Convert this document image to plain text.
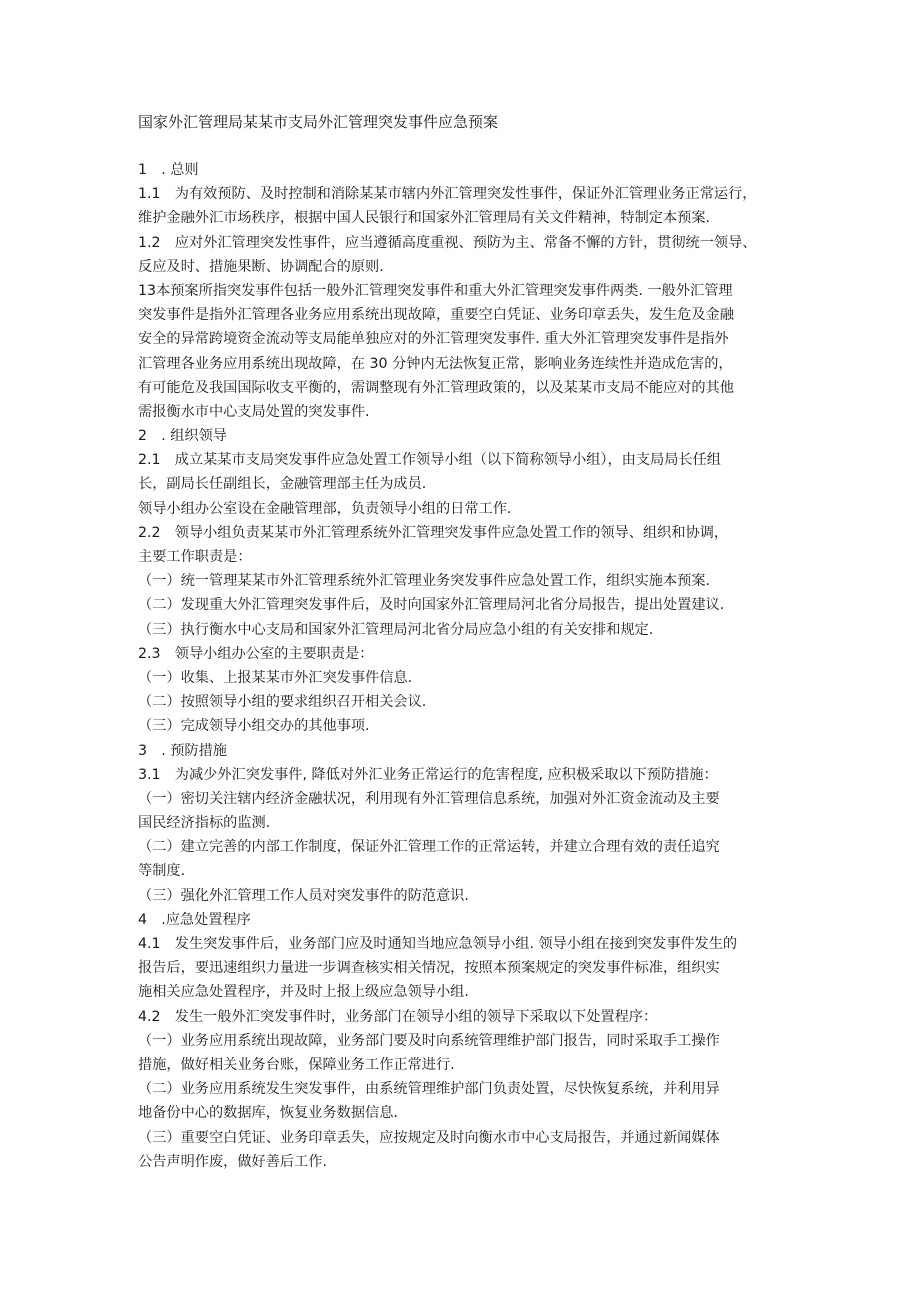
国家外汇管理局某某市支局外汇管理突发事件应急预案
1　. 总则
1.1　为有效预防、及时控制和消除某某市辖内外汇管理突发性事件，保证外汇管理业务正常运行，
维护金融外汇市场秩序，根据中国人民银行和国家外汇管理局有关文件精神，特制定本预案.
1.2　应对外汇管理突发性事件，应当遵循高度重视、预防为主、常备不懈的方针，贯彻统一领导、
反应及时、措施果断、协调配合的原则.
13本预案所指突发事件包括一般外汇管理突发事件和重大外汇管理突发事件两类. 一般外汇管理
突发事件是指外汇管理各业务应用系统出现故障，重要空白凭证、业务印章丢失，发生危及金融
安全的异常跨境资金流动等支局能单独应对的外汇管理突发事件. 重大外汇管理突发事件是指外
汇管理各业务应用系统出现故障，在 30 分钟内无法恢复正常，影响业务连续性并造成危害的，
有可能危及我国国际收支平衡的，需调整现有外汇管理政策的，以及某某市支局不能应对的其他
需报衡水市中心支局处置的突发事件.
2　. 组织领导
2.1　成立某某市支局突发事件应急处置工作领导小组（以下简称领导小组），由支局局长任组
长，副局长任副组长，金融管理部主任为成员.
领导小组办公室设在金融管理部，负责领导小组的日常工作.
2.2　领导小组负责某某市外汇管理系统外汇管理突发事件应急处置工作的领导、组织和协调，
主要工作职责是：
（一）统一管理某某市外汇管理系统外汇管理业务突发事件应急处置工作，组织实施本预案.
（二）发现重大外汇管理突发事件后，及时向国家外汇管理局河北省分局报告，提出处置建议.
（三）执行衡水中心支局和国家外汇管理局河北省分局应急小组的有关安排和规定.
2.3　领导小组办公室的主要职责是：
（一）收集、上报某某市外汇突发事件信息.
（二）按照领导小组的要求组织召开相关会议.
（三）完成领导小组交办的其他事项.
3　. 预防措施
3.1　为减少外汇突发事件, 降低对外汇业务正常运行的危害程度, 应积极采取以下预防措施：
（一）密切关注辖内经济金融状况，利用现有外汇管理信息系统，加强对外汇资金流动及主要
国民经济指标的监测.
（二）建立完善的内部工作制度，保证外汇管理工作的正常运转，并建立合理有效的责任追究
等制度.
（三）强化外汇管理工作人员对突发事件的防范意识.
4　.应急处置程序
4.1　发生突发事件后，业务部门应及时通知当地应急领导小组. 领导小组在接到突发事件发生的
报告后，要迅速组织力量进一步调查核实相关情况，按照本预案规定的突发事件标准，组织实
施相关应急处置程序，并及时上报上级应急领导小组.
4.2　发生一般外汇突发事件时，业务部门在领导小组的领导下采取以下处置程序：
（一）业务应用系统出现故障，业务部门要及时向系统管理维护部门报告，同时采取手工操作
措施，做好相关业务台账，保障业务工作正常进行.
（二）业务应用系统发生突发事件，由系统管理维护部门负责处置，尽快恢复系统，并利用异
地备份中心的数据库，恢复业务数据信息.
（三）重要空白凭证、业务印章丢失，应按规定及时向衡水市中心支局报告，并通过新闻媒体
公告声明作废，做好善后工作.
